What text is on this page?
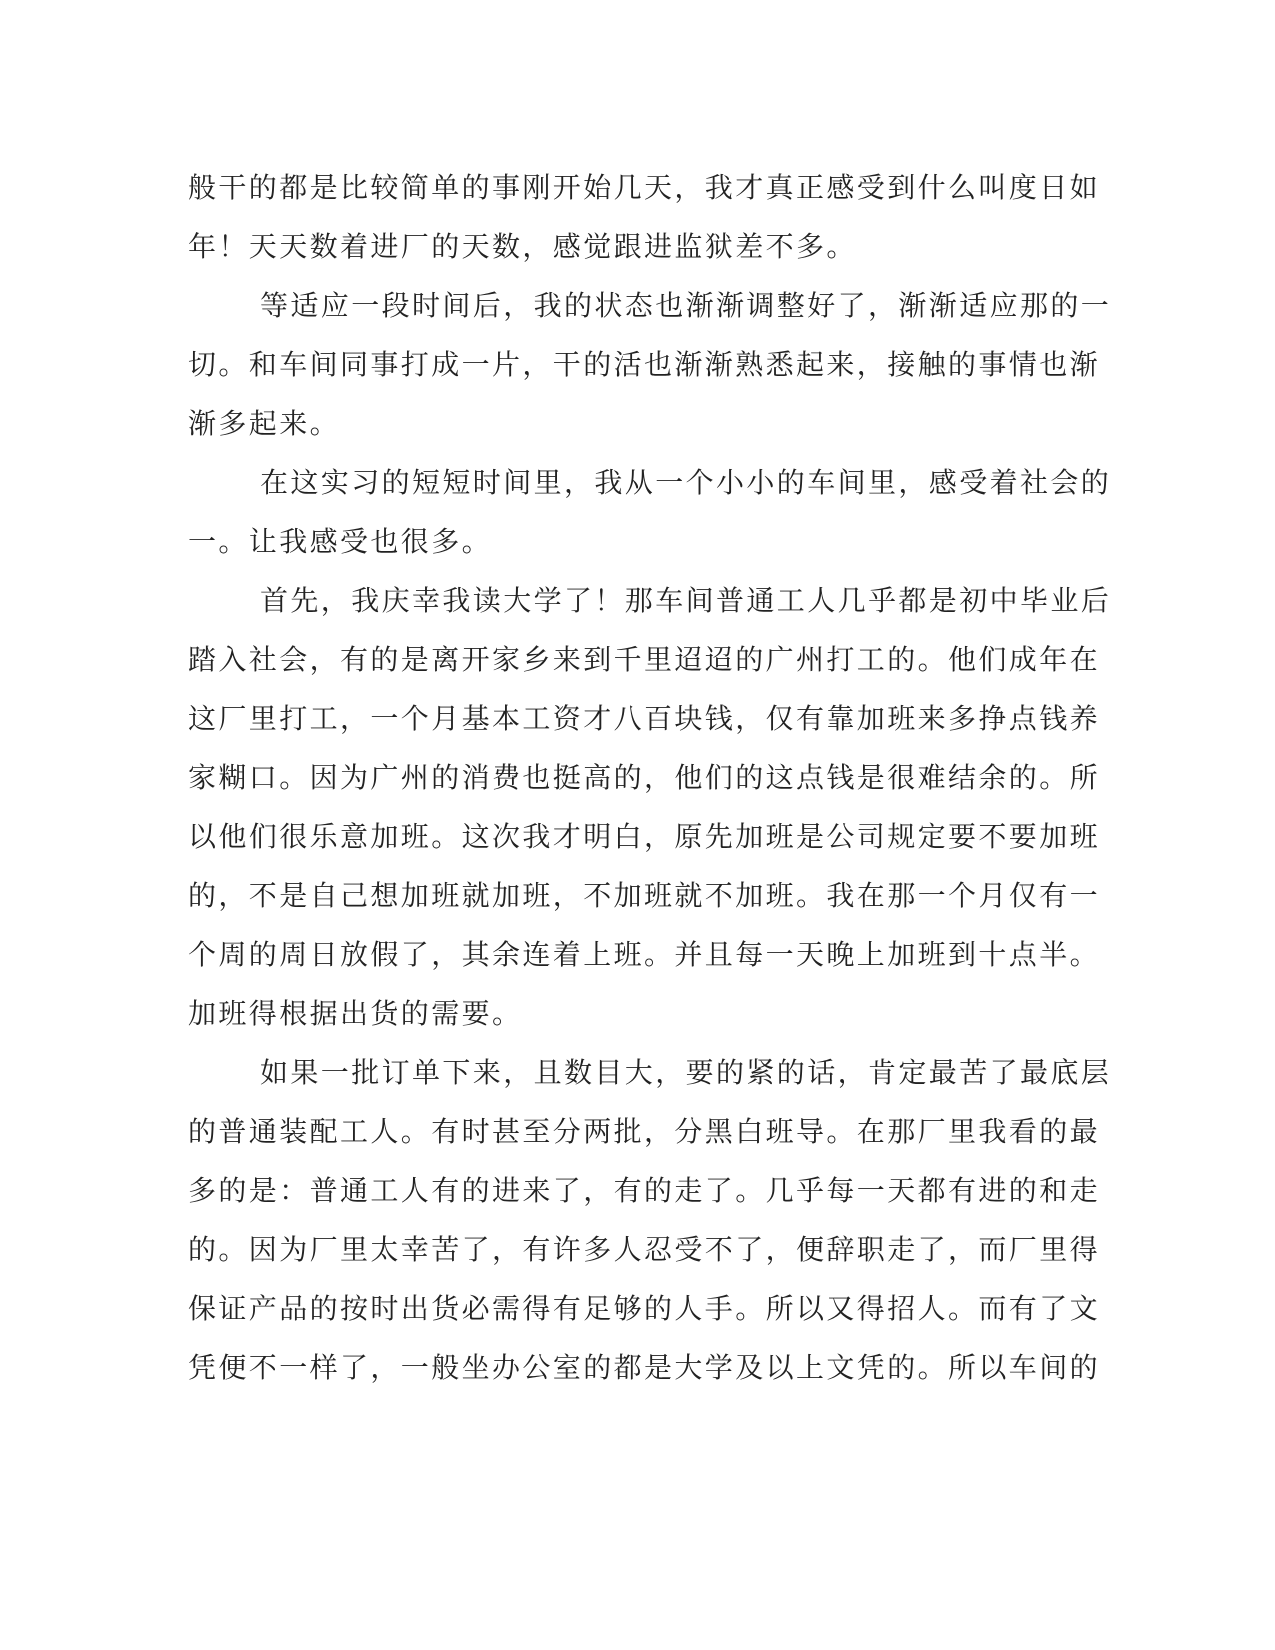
般干的都是比较简单的事刚开始几天，我才真正感受到什么叫度日如
年！天天数着进厂的天数，感觉跟进监狱差不多。
等适应一段时间后，我的状态也渐渐调整好了，渐渐适应那的一
切。和车间同事打成一片，干的活也渐渐熟悉起来，接触的事情也渐
渐多起来。
在这实习的短短时间里，我从一个小小的车间里，感受着社会的
一。让我感受也很多。
首先，我庆幸我读大学了！那车间普通工人几乎都是初中毕业后
踏入社会，有的是离开家乡来到千里迢迢的广州打工的。他们成年在
这厂里打工，一个月基本工资才八百块钱，仅有靠加班来多挣点钱养
家糊口。因为广州的消费也挺高的，他们的这点钱是很难结余的。所
以他们很乐意加班。这次我才明白，原先加班是公司规定要不要加班
的，不是自己想加班就加班，不加班就不加班。我在那一个月仅有一
个周的周日放假了，其余连着上班。并且每一天晚上加班到十点半。
加班得根据出货的需要。
如果一批订单下来，且数目大，要的紧的话，肯定最苦了最底层
的普通装配工人。有时甚至分两批，分黑白班导。在那厂里我看的最
多的是：普通工人有的进来了，有的走了。几乎每一天都有进的和走
的。因为厂里太幸苦了，有许多人忍受不了，便辞职走了，而厂里得
保证产品的按时出货必需得有足够的人手。所以又得招人。而有了文
凭便不一样了，一般坐办公室的都是大学及以上文凭的。所以车间的
